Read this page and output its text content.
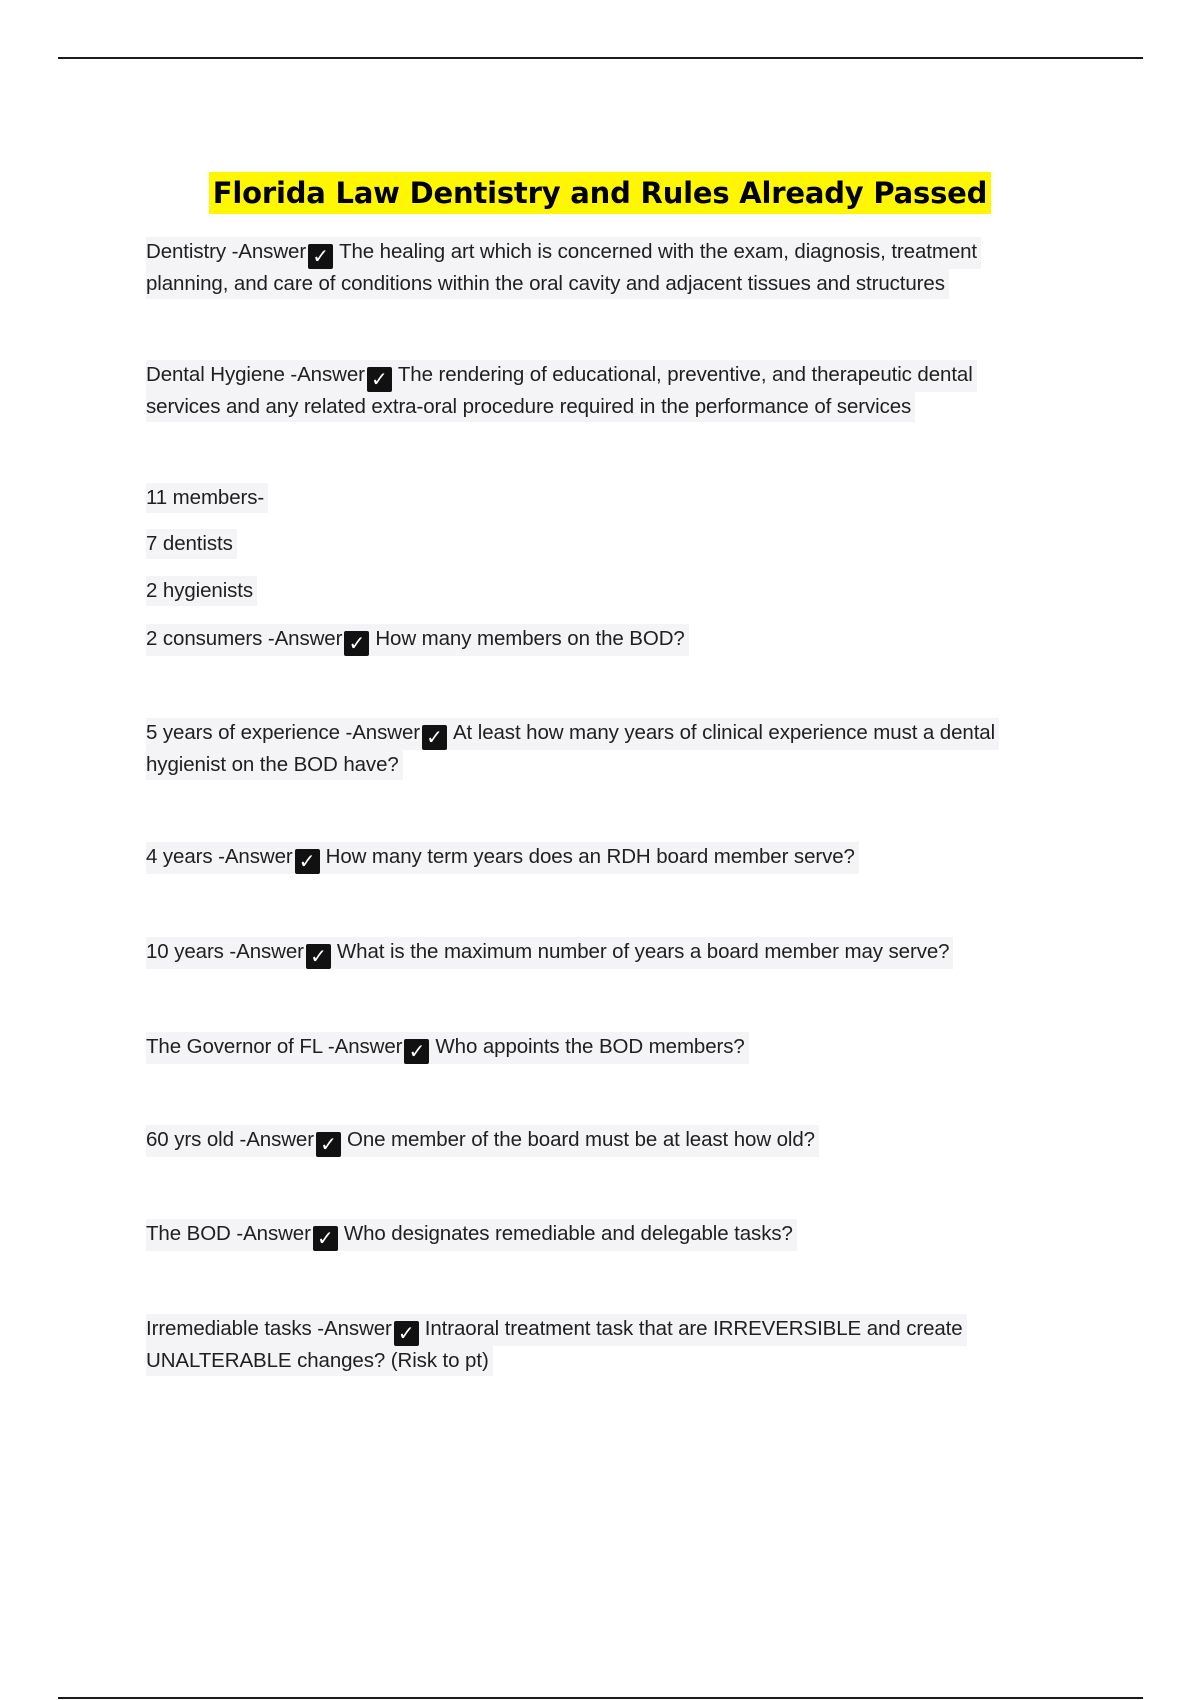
Florida Law Dentistry and Rules Already Passed
Dentistry -Answer ✓ The healing art which is concerned with the exam, diagnosis, treatment
planning, and care of conditions within the oral cavity and adjacent tissues and structures
Dental Hygiene -Answer ✓ The rendering of educational, preventive, and therapeutic dental
services and any related extra-oral procedure required in the performance of services
11 members-
7 dentists
2 hygienists
2 consumers -Answer ✓ How many members on the BOD?
5 years of experience -Answer ✓ At least how many years of clinical experience must a dental
hygienist on the BOD have?
4 years -Answer ✓ How many term years does an RDH board member serve?
10 years -Answer ✓ What is the maximum number of years a board member may serve?
The Governor of FL -Answer ✓ Who appoints the BOD members?
60 yrs old -Answer ✓ One member of the board must be at least how old?
The BOD -Answer ✓ Who designates remediable and delegable tasks?
Irremediable tasks -Answer ✓ Intraoral treatment task that are IRREVERSIBLE and create
UNALTERABLE changes? (Risk to pt)
